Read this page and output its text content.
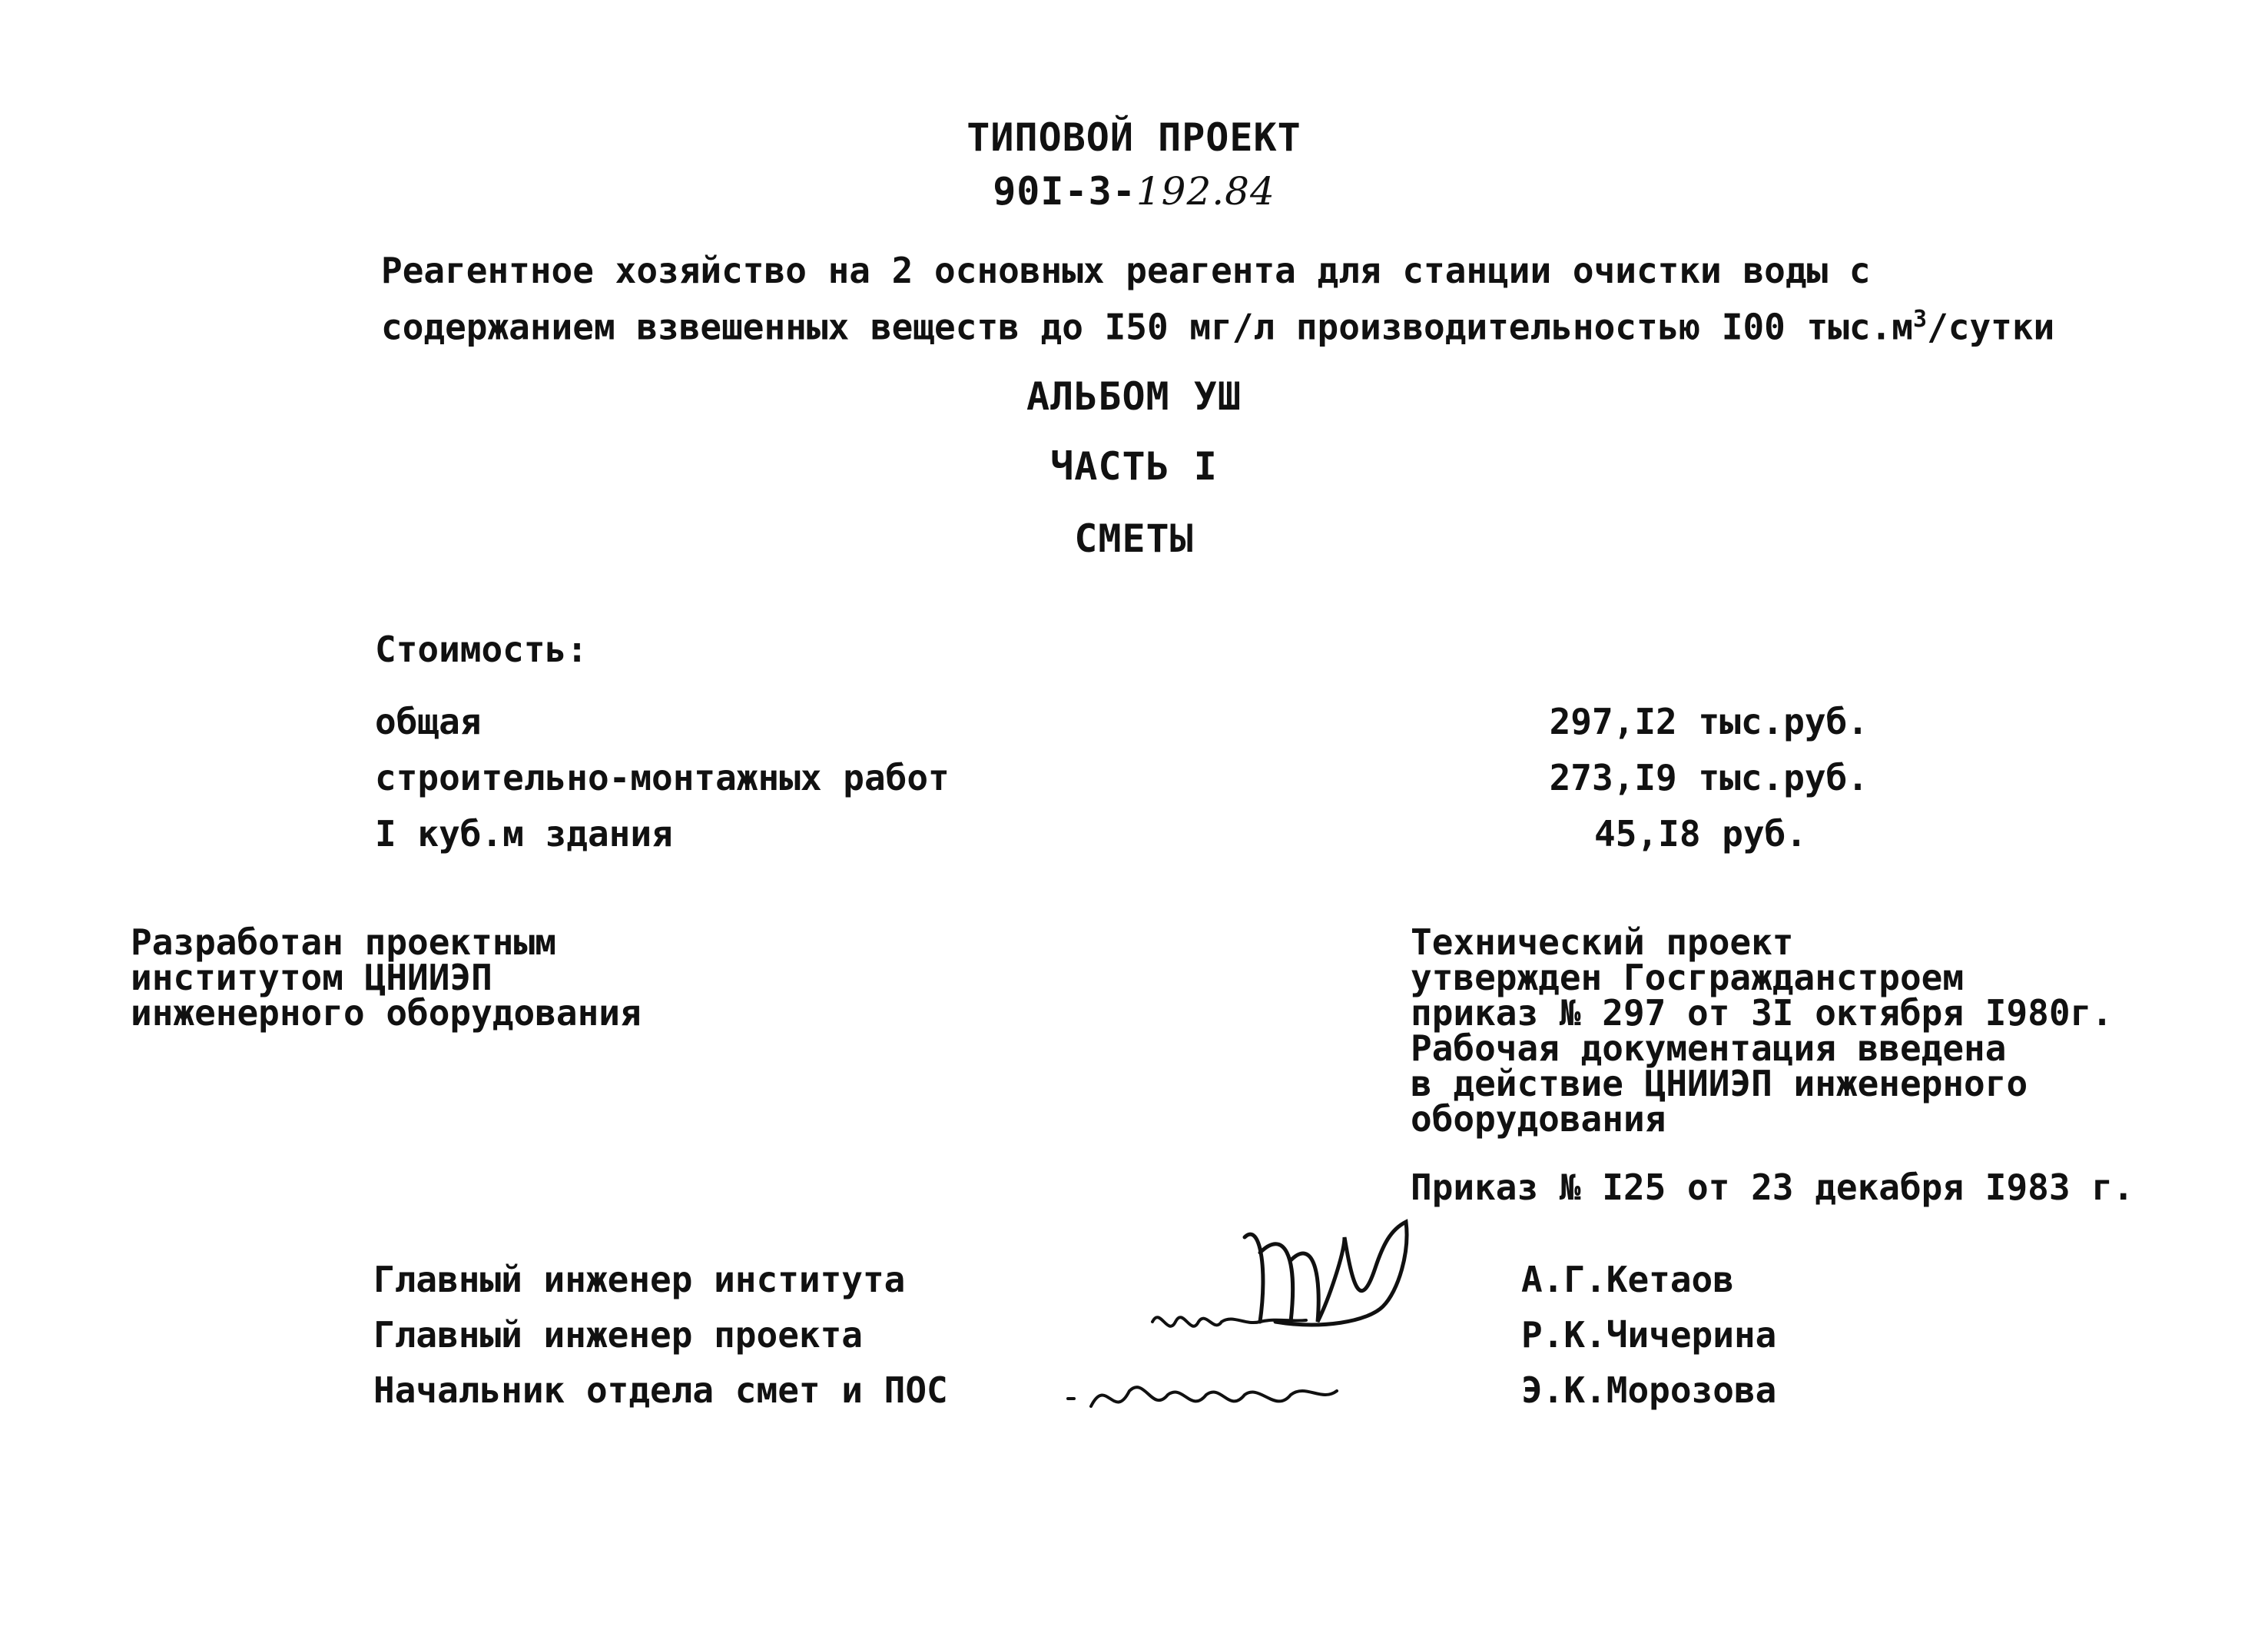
ТИПОВОЙ ПРОЕКТ
90I-3-192.84
Реагентное хозяйство на 2 основных реагента для станции очистки воды с
содержанием взвешенных веществ до I50 мг/л производительностью I00 $тыс.м^3$/сутки
АЛЬБОМ УШ
ЧАСТЬ I
СМЕТЫ
Стоимость:
общая	297,I2 тыс.руб.
строительно-монтажных работ	273,I9 тыс.руб.
I куб.м здания	45,I8 руб.
Разработан проектным
институтом ЦНИИЭП
инженерного оборудования
Технический проект
утвержден Госгражданстроем
приказ № 297 от 3I октября I980г.
Рабочая документация введена
в действие ЦНИИЭП инженерного
оборудования
Приказ № I25 от 23 декабря I983 г.
Главный инженер института	А.Г.Кетаов
Главный инженер проекта	Р.К.Чичерина
Начальник отдела смет и ПОС	Э.К.Морозова
